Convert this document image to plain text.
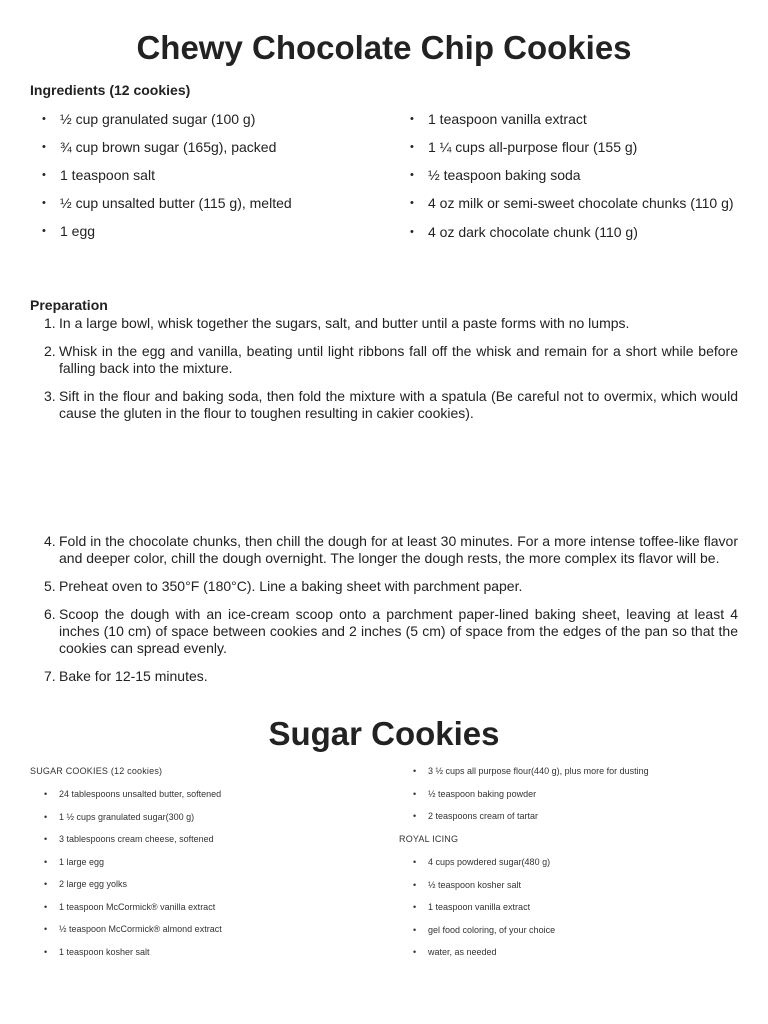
Chewy Chocolate Chip Cookies
Ingredients (12 cookies)
• ½ cup granulated sugar (100 g)
• ¾ cup brown sugar (165g), packed
• 1 teaspoon salt
• ½ cup unsalted butter (115 g), melted
• 1 egg
• 1 teaspoon vanilla extract
• 1 ¼ cups all-purpose flour (155 g)
• ½ teaspoon baking soda
• 4 oz milk or semi-sweet chocolate chunks (110 g)
• 4 oz dark chocolate chunk (110 g)
Preparation
1. In a large bowl, whisk together the sugars, salt, and butter until a paste forms with no lumps.
2. Whisk in the egg and vanilla, beating until light ribbons fall off the whisk and remain for a short while before falling back into the mixture.
3. Sift in the flour and baking soda, then fold the mixture with a spatula (Be careful not to overmix, which would cause the gluten in the flour to toughen resulting in cakier cookies).
4. Fold in the chocolate chunks, then chill the dough for at least 30 minutes. For a more intense toffee-like flavor and deeper color, chill the dough overnight. The longer the dough rests, the more complex its flavor will be.
5. Preheat oven to 350°F (180°C). Line a baking sheet with parchment paper.
6. Scoop the dough with an ice-cream scoop onto a parchment paper-lined baking sheet, leaving at least 4 inches (10 cm) of space between cookies and 2 inches (5 cm) of space from the edges of the pan so that the cookies can spread evenly.
7. Bake for 12-15 minutes.
Sugar Cookies

SUGAR COOKIES (12 cookies)

• 24 tablespoons unsalted butter, softened
• 1 ½ cups granulated sugar(300 g)
• 3 tablespoons cream cheese, softened
• 1 large egg
• 2 large egg yolks
• 1 teaspoon McCormick® vanilla extract
• ½ teaspoon McCormick® almond extract
• 1 teaspoon kosher salt
• 3 ½ cups all purpose flour(440 g), plus more for dusting
• ½ teaspoon baking powder
• 2 teaspoons cream of tartar

ROYAL ICING

• 4 cups powdered sugar(480 g)
• ½ teaspoon kosher salt
• 1 teaspoon vanilla extract
• gel food coloring, of your choice
• water, as needed
